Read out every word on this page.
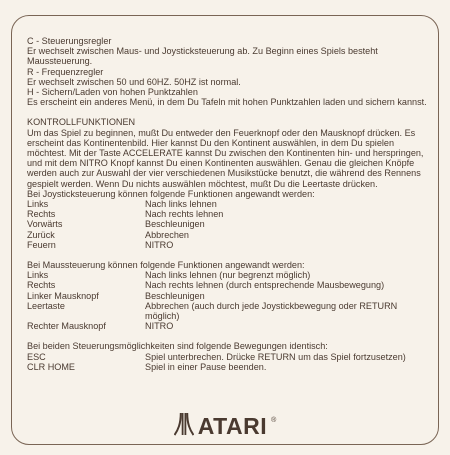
C - Steuerungsregler
Er wechselt zwischen Maus- und Joysticksteuerung ab. Zu Beginn eines Spiels besteht Maussteuerung.
R - Frequenzregler
Er wechselt zwischen 50 und 60HZ. 50HZ ist normal.
H - Sichern/Laden von hohen Punktzahlen
Es erscheint ein anderes Menü, in dem Du Tafeln mit hohen Punktzahlen laden und sichern kannst.
KONTROLLFUNKTIONEN
Um das Spiel zu beginnen, mußt Du entweder den Feuerknopf oder den Mausknopf drücken. Es erscheint das Kontinentenbild. Hier kannst Du den Kontinent auswählen, in dem Du spielen möchtest. Mit der Taste ACCELERATE kannst Du zwischen den Kontinenten hin- und herspringen, und mit dem NITRO Knopf kannst Du einen Kontinenten auswählen. Genau die gleichen Knöpfe werden auch zur Auswahl der vier verschiedenen Musikstücke benutzt, die während des Rennens gespielt werden. Wenn Du nichts auswählen möchtest, mußt Du die Leertaste drücken.
Bei Joysticksteuerung können folgende Funktionen angewandt werden:
Links	Nach links lehnen
Rechts	Nach rechts lehnen
Vorwärts	Beschleunigen
Zurück	Abbrechen
Feuern	NITRO
Bei Maussteuerung können folgende Funktionen angewandt werden:
Links	Nach links lehnen (nur begrenzt möglich)
Rechts	Nach rechts lehnen (durch entsprechende Mausbewegung)
Linker Mausknopf	Beschleunigen
Leertaste	Abbrechen (auch durch jede Joystickbewegung oder RETURN möglich)
Rechter Mausknopf	NITRO
Bei beiden Steuerungsmöglichkeiten sind folgende Bewegungen identisch:
ESC	Spiel unterbrechen. Drücke RETURN um das Spiel fortzusetzen)
CLR HOME	Spiel in einer Pause beenden.
ATARI ®
